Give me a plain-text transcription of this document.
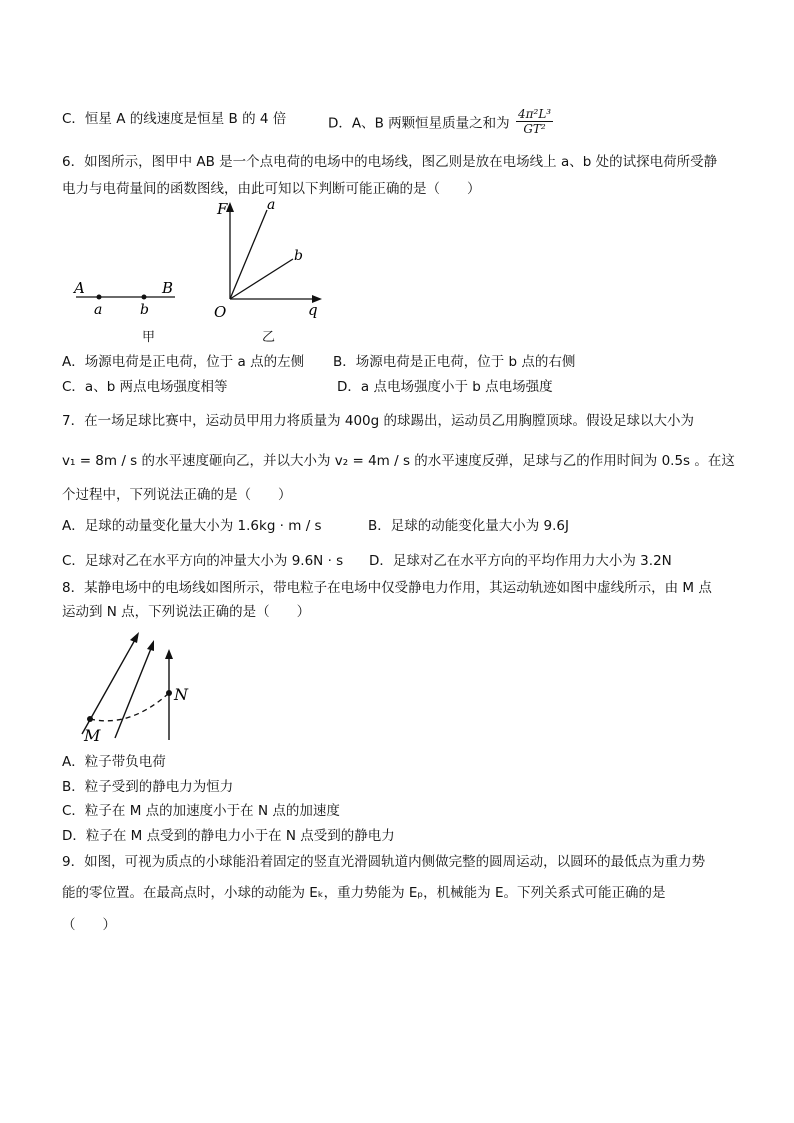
C．恒星 A 的线速度是恒星 B 的 4 倍	D．A、B 两颗恒星质量之和为 $\frac{\text{4π²L³}}{\text{GT²}}$
6．如图所示，图甲中 AB 是一个点电荷的电场中的电场线，图乙则是放在电场线上 a、b 处的试探电荷所受静
电力与电荷量间的函数图线，由此可知以下判断可能正确的是（　　）
A	B
a	b
F
O	q
a
b
甲	乙
A．场源电荷是正电荷，位于 a 点的左侧 B．场源电荷是正电荷，位于 b 点的右侧
C．a、b 两点电场强度相等	D．a 点电场强度小于 b 点电场强度
7．在一场足球比赛中，运动员甲用力将质量为 400g 的球踢出，运动员乙用胸膛顶球。假设足球以大小为
v₁ = 8m / s 的水平速度砸向乙，并以大小为 v₂ = 4m / s 的水平速度反弹，足球与乙的作用时间为 0.5s 。在这
个过程中，下列说法正确的是（　　）
A．足球的动量变化量大小为 1.6kg · m / s	B．足球的动能变化量大小为 9.6J
C．足球对乙在水平方向的冲量大小为 9.6N · s D．足球对乙在水平方向的平均作用力大小为 3.2N
8．某静电场中的电场线如图所示，带电粒子在电场中仅受静电力作用，其运动轨迹如图中虚线所示，由 M 点
运动到 N 点，下列说法正确的是（　　）
M
N
A．粒子带负电荷
B．粒子受到的静电力为恒力
C．粒子在 M 点的加速度小于在 N 点的加速度
D．粒子在 M 点受到的静电力小于在 N 点受到的静电力
9．如图，可视为质点的小球能沿着固定的竖直光滑圆轨道内侧做完整的圆周运动，以圆环的最低点为重力势
能的零位置。在最高点时，小球的动能为 Eₖ，重力势能为 Eₚ，机械能为 E。下列关系式可能正确的是
（　　）
